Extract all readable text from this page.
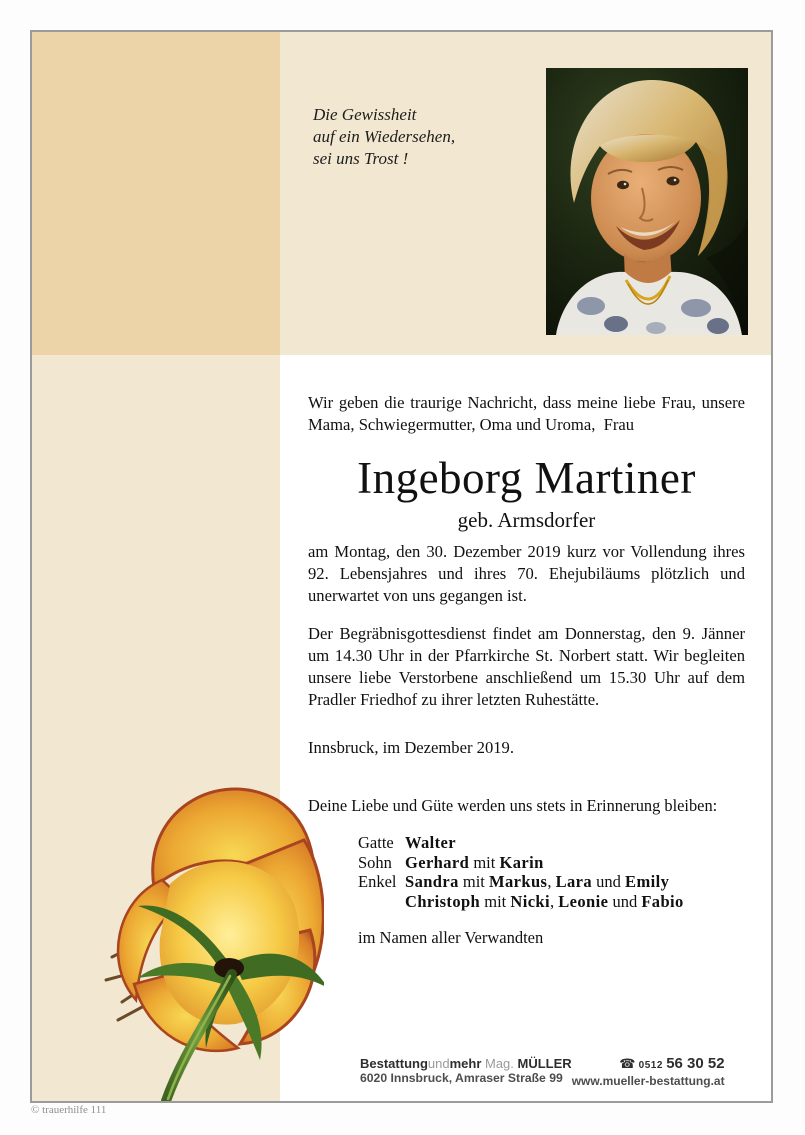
Die Gewissheit
auf ein Wiedersehen,
sei uns Trost !
Wir geben die traurige Nachricht, dass meine liebe Frau, unsere Mama, Schwiegermutter, Oma und Uroma,  Frau
Ingeborg Martiner
geb. Armsdorfer
am Montag, den 30. Dezember 2019 kurz vor Vollendung ihres 92. Lebensjahres und ihres 70. Ehejubiläums plötzlich und unerwartet von uns gegangen ist.
Der Begräbnisgottesdienst findet am Donnerstag, den 9. Jänner um 14.30 Uhr in der Pfarrkirche St. Norbert statt. Wir begleiten unsere liebe Verstorbene anschließend um 15.30 Uhr auf dem Pradler Friedhof zu ihrer letzten Ruhestätte.
Innsbruck, im Dezember 2019.
Deine Liebe und Güte werden uns stets in Erinnerung bleiben:
Gatte Walter
Sohn Gerhard mit Karin
Enkel Sandra mit Markus, Lara und Emily
Christoph mit Nicki, Leonie und Fabio
im Namen aller Verwandten
Bestattungundmehr Mag. MÜLLER
6020 Innsbruck, Amraser Straße 99
☎ 0512 56 30 52
www.mueller-bestattung.at
© trauerhilfe 111
